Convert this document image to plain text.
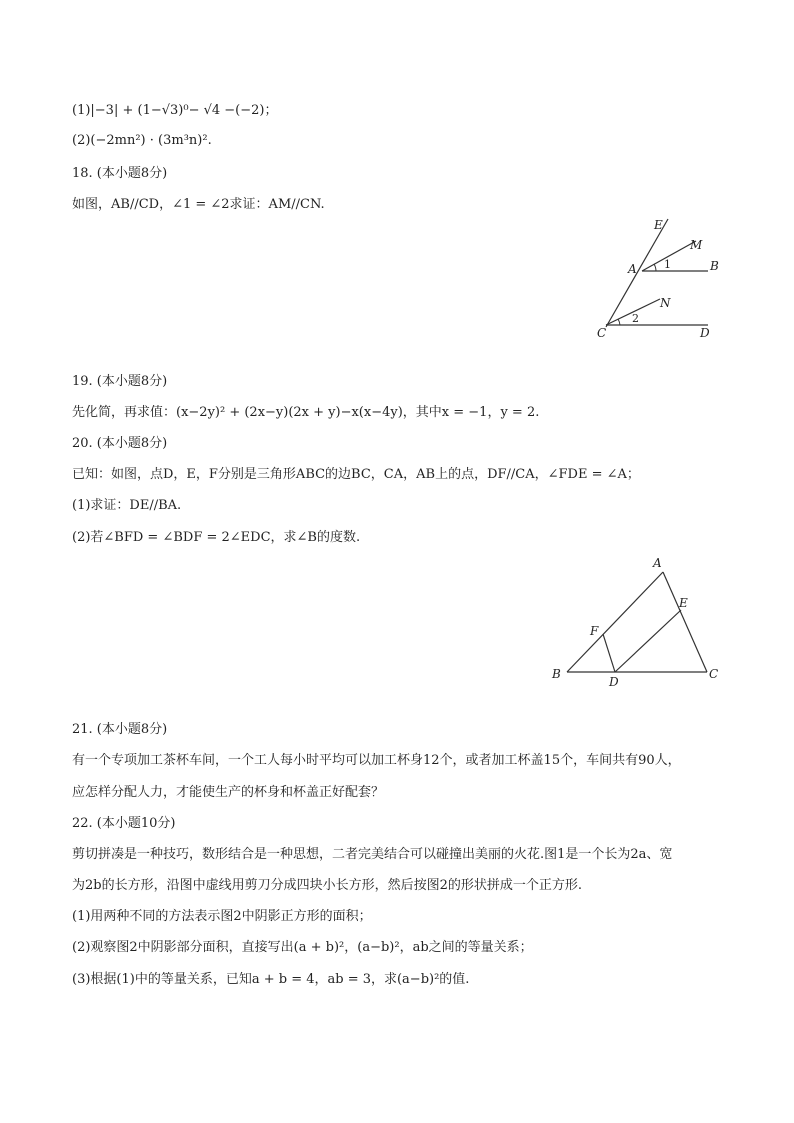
(1)|−3| + (1−√3)⁰− √4 −(−2)；
(2)(−2mn²) · (3m³n)².
18. (本小题8分)
如图，AB//CD，∠1 = ∠2求证：AM//CN.
E
M
A	B
1
N
2
C	D
19. (本小题8分)
先化简，再求值：(x−2y)² + (2x−y)(2x + y)−x(x−4y)，其中x = −1，y = 2.
20. (本小题8分)
已知：如图，点D，E，F分别是三角形ABC的边BC，CA，AB上的点，DF//CA，∠FDE = ∠A；
(1)求证：DE//BA.
(2)若∠BFD = ∠BDF = 2∠EDC，求∠B的度数.
A
E
F
B
D
C
21. (本小题8分)
有一个专项加工茶杯车间，一个工人每小时平均可以加工杯身12个，或者加工杯盖15个，车间共有90人，
应怎样分配人力，才能使生产的杯身和杯盖正好配套？
22. (本小题10分)
剪切拼凑是一种技巧，数形结合是一种思想，二者完美结合可以碰撞出美丽的火花.图1是一个长为2a、宽
为2b的长方形，沿图中虚线用剪刀分成四块小长方形，然后按图2的形状拼成一个正方形.
(1)用两种不同的方法表示图2中阴影正方形的面积；
(2)观察图2中阴影部分面积，直接写出(a + b)²，(a−b)²，ab之间的等量关系；
(3)根据(1)中的等量关系，已知a + b = 4，ab = 3，求(a−b)²的值.
